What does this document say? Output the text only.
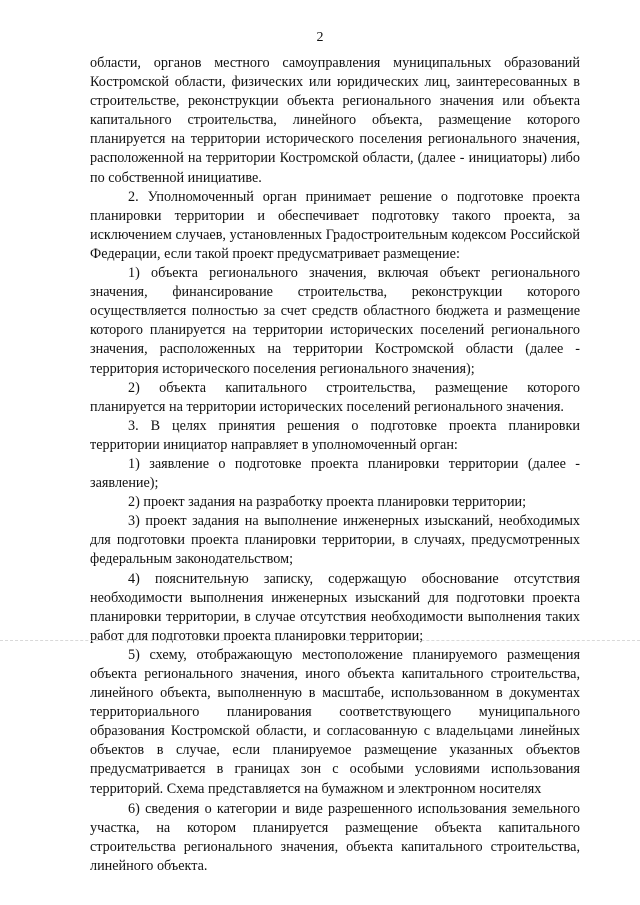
2

области, органов местного самоуправления муниципальных образований Костромской области, физических или юридических лиц, заинтересованных в строительстве, реконструкции объекта регионального значения или объекта капитального строительства, линейного объекта, размещение которого планируется на территории исторического поселения регионального значения, расположенной на территории Костромской области, (далее - инициаторы) либо по собственной инициативе.

2. Уполномоченный орган принимает решение о подготовке проекта планировки территории и обеспечивает подготовку такого проекта, за исключением случаев, установленных Градостроительным кодексом Российской Федерации, если такой проект предусматривает размещение:

1) объекта регионального значения, включая объект регионального значения, финансирование строительства, реконструкции которого осуществляется полностью за счет средств областного бюджета и размещение которого планируется на территории исторических поселений регионального значения, расположенных на территории Костромской области (далее - территория исторического поселения регионального значения);

2) объекта капитального строительства, размещение которого планируется на территории исторических поселений регионального значения.

3. В целях принятия решения о подготовке проекта планировки территории инициатор направляет в уполномоченный орган:

1) заявление о подготовке проекта планировки территории (далее - заявление);

2) проект задания на разработку проекта планировки территории;

3) проект задания на выполнение инженерных изысканий, необходимых для подготовки проекта планировки территории, в случаях, предусмотренных федеральным законодательством;

4) пояснительную записку, содержащую обоснование отсутствия необходимости выполнения инженерных изысканий для подготовки проекта планировки территории, в случае отсутствия необходимости выполнения таких работ для подготовки проекта планировки территории;

5) схему, отображающую местоположение планируемого размещения объекта регионального значения, иного объекта капитального строительства, линейного объекта, выполненную в масштабе, использованном в документах территориального планирования соответствующего муниципального образования Костромской области, и согласованную с владельцами линейных объектов в случае, если планируемое размещение указанных объектов предусматривается в границах зон с особыми условиями использования территорий. Схема представляется на бумажном и электронном носителях

6) сведения о категории и виде разрешенного использования земельного участка, на котором планируется размещение объекта капитального строительства регионального значения, объекта капитального строительства, линейного объекта.
